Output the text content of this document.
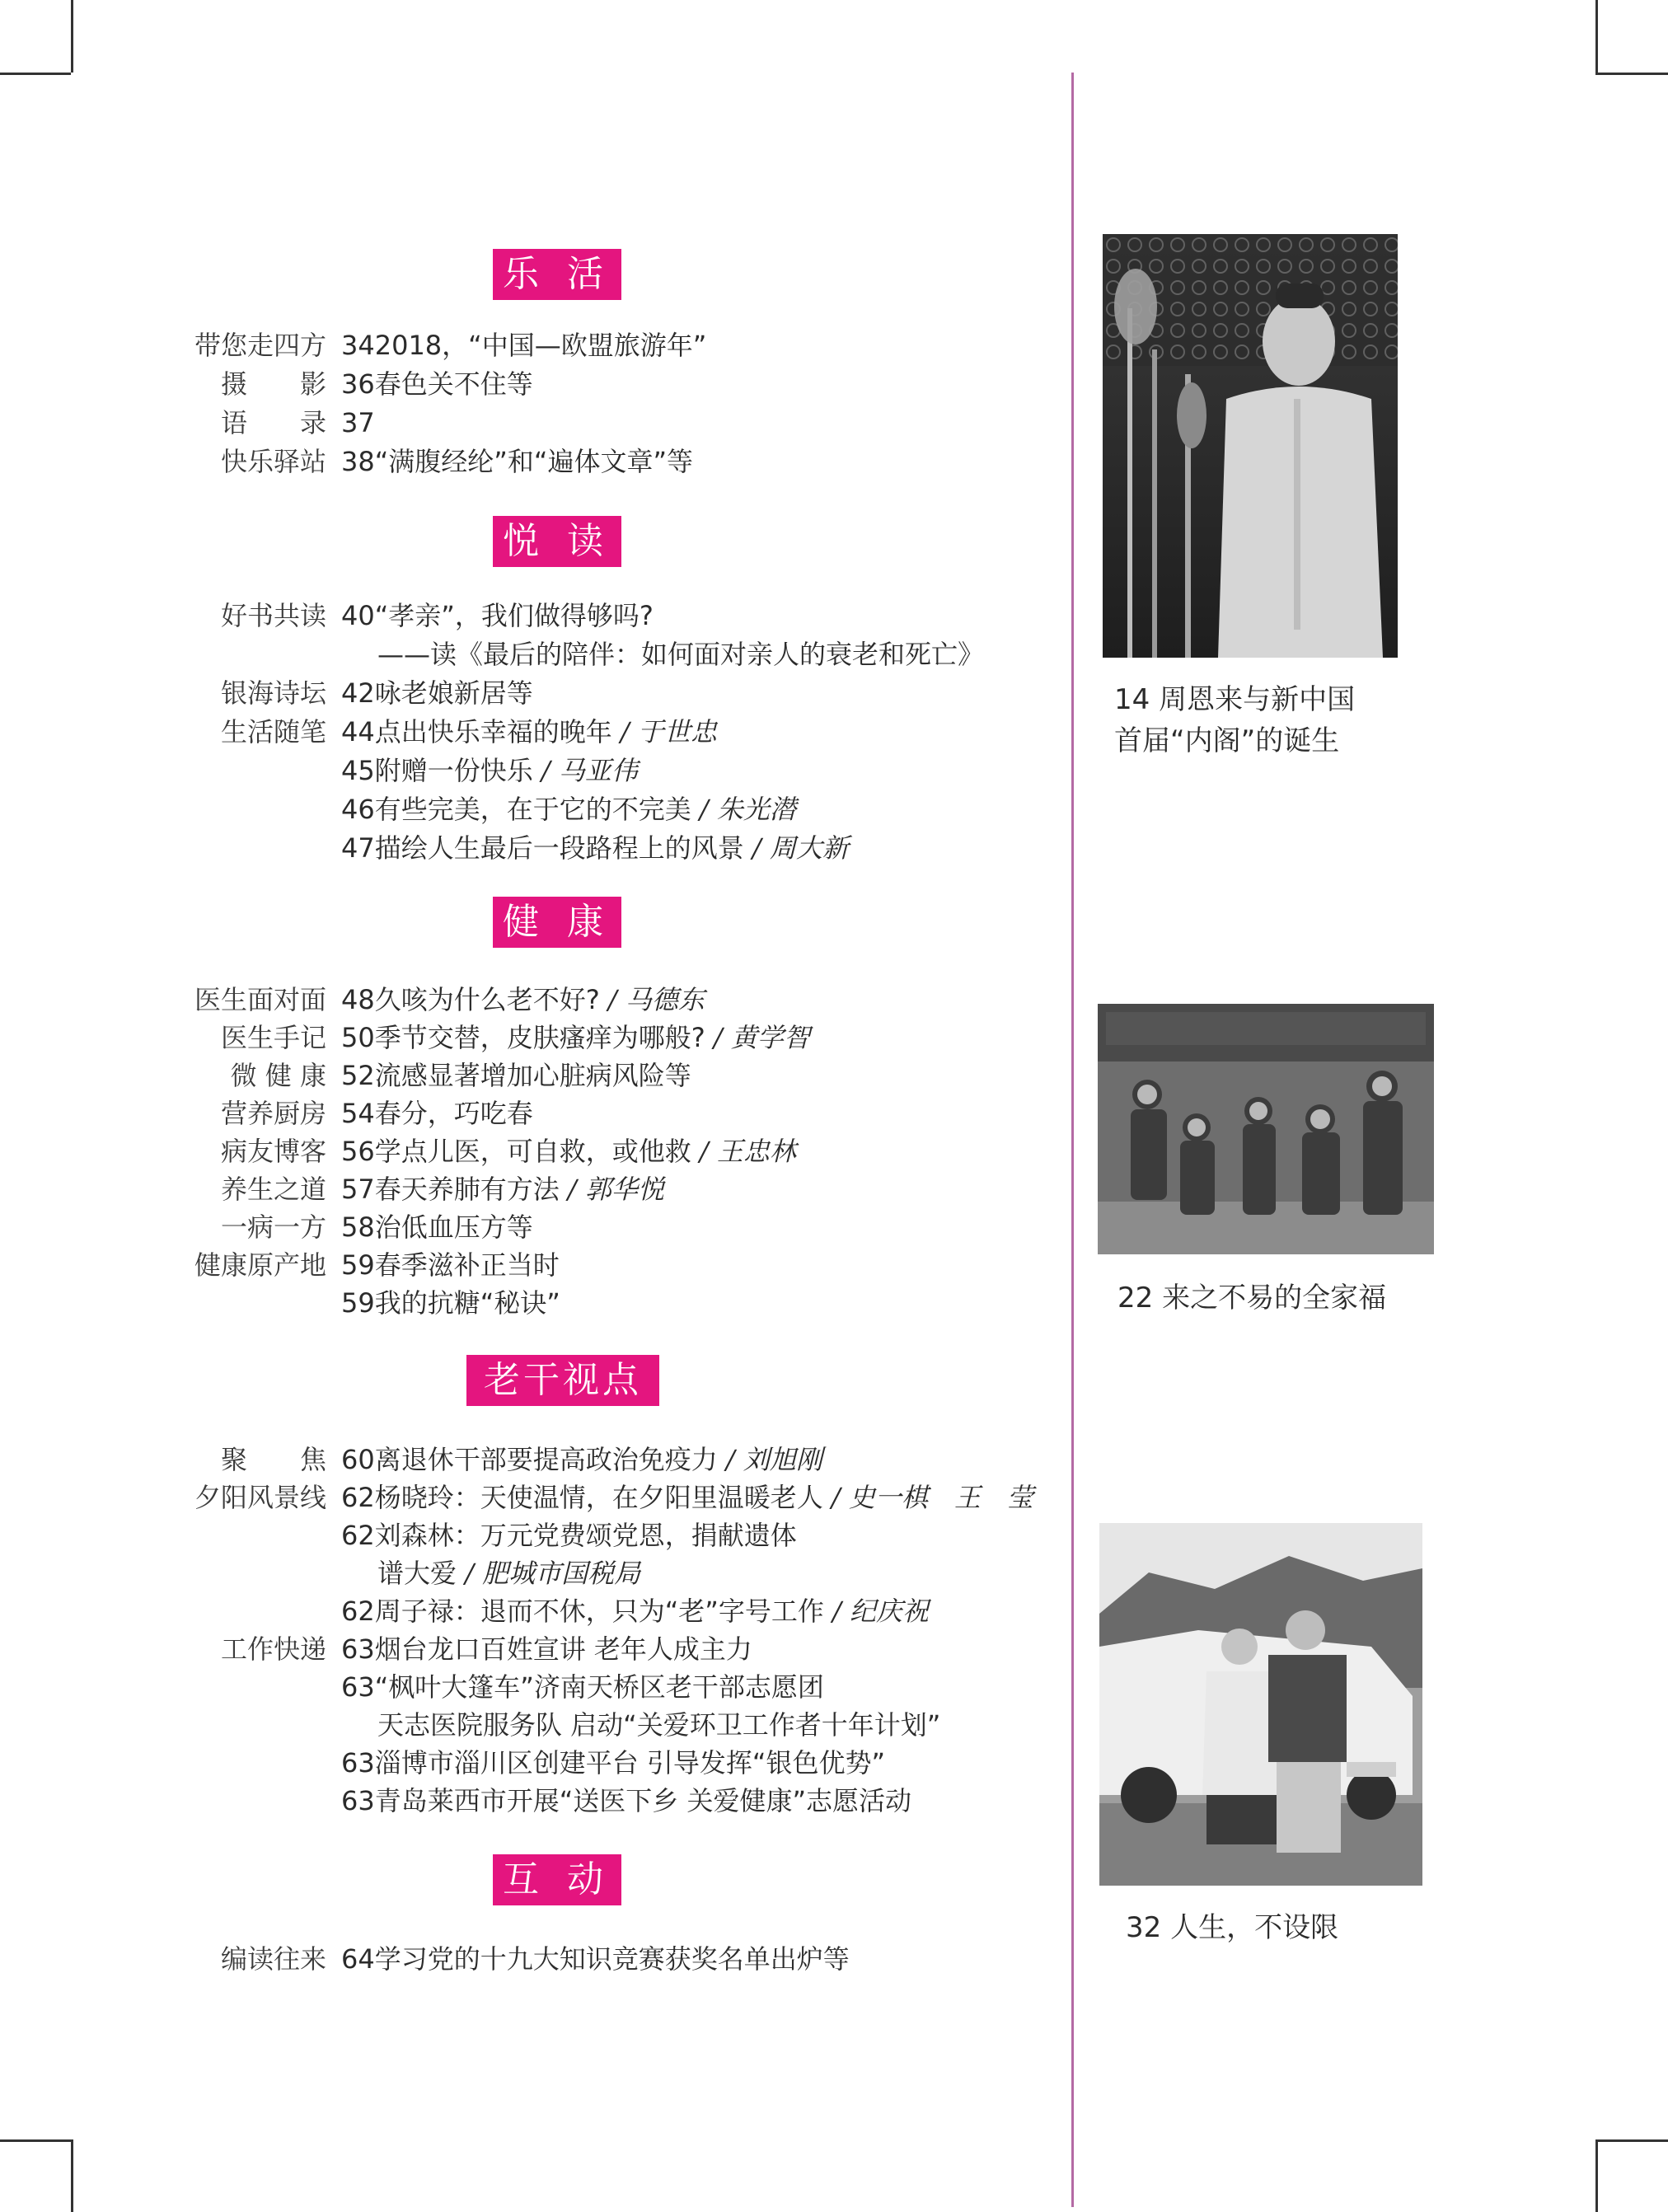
乐 活
带您走四方 342018，“中国—欧盟旅游年”
摄　　影 36春色关不住等
语　　录 37
快乐驿站 38“满腹经纶”和“遍体文章”等
悦 读
好书共读 40“孝亲”，我们做得够吗?
——读《最后的陪伴：如何面对亲人的衰老和死亡》
银海诗坛 42咏老娘新居等
生活随笔 44点出快乐幸福的晚年 / 于世忠
45附赠一份快乐 / 马亚伟
46有些完美，在于它的不完美 / 朱光潜
47描绘人生最后一段路程上的风景 / 周大新
健 康
医生面对面 48久咳为什么老不好? / 马德东
医生手记 50季节交替，皮肤瘙痒为哪般? / 黄学智
微 健 康 52流感显著增加心脏病风险等
营养厨房 54春分，巧吃春
病友博客 56学点儿医，可自救，或他救 / 王忠林
养生之道 57春天养肺有方法 / 郭华悦
一病一方 58治低血压方等
健康原产地 59春季滋补正当时
59我的抗糖“秘诀”
老干视点
聚　　焦 60离退休干部要提高政治免疫力 / 刘旭刚
夕阳风景线 62杨晓玲：天使温情，在夕阳里温暖老人 / 史一棋　王　莹
62刘森林：万元党费颂党恩，捐献遗体
谱大爱 / 肥城市国税局
62周子禄：退而不休，只为“老”字号工作 / 纪庆祝
工作快递 63烟台龙口百姓宣讲 老年人成主力
63“枫叶大篷车”济南天桥区老干部志愿团
天志医院服务队 启动“关爱环卫工作者十年计划”
63淄博市淄川区创建平台 引导发挥“银色优势”
63青岛莱西市开展“送医下乡 关爱健康”志愿活动
互 动
编读往来 64学习党的十九大知识竞赛获奖名单出炉等
14 周恩来与新中国
首届“内阁”的诞生
22 来之不易的全家福
32 人生，不设限
